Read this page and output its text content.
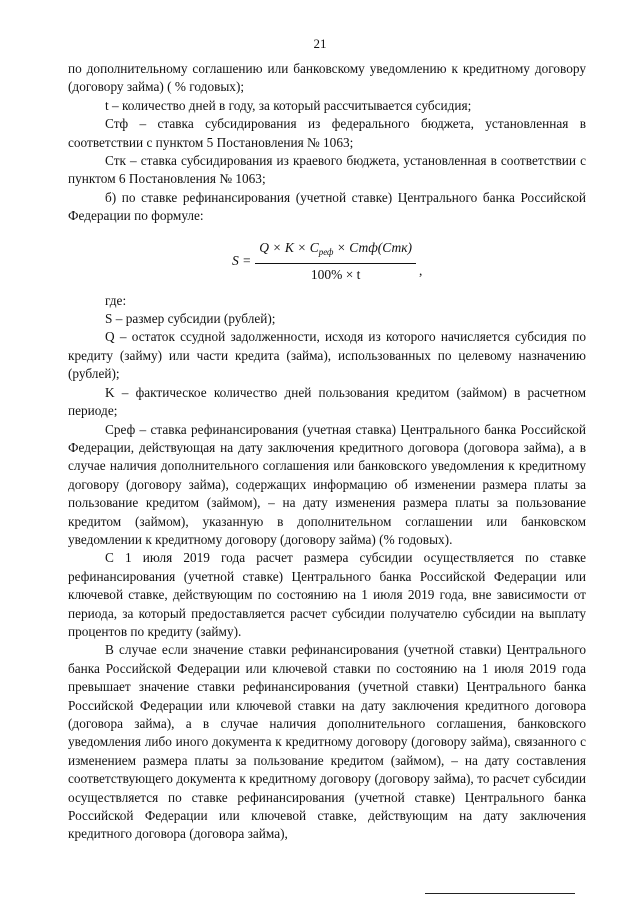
21

по дополнительному соглашению или банковскому уведомлению к кредитному договору (договору займа) ( % годовых);

t – количество дней в году, за который рассчитывается субсидия;

Стф – ставка субсидирования из федерального бюджета, установленная в соответствии с пунктом 5 Постановления № 1063;

Стк – ставка субсидирования из краевого бюджета, установленная в соответствии с пунктом 6 Постановления № 1063;

б) по ставке рефинансирования (учетной ставке) Центрального банка Российской Федерации по формуле:

$S = \frac{Q \times K \times C_{реф} \times Стф(Стк)}{100\% \times t}$ ,

где:

S – размер субсидии (рублей);

Q – остаток ссудной задолженности, исходя из которого начисляется субсидия по кредиту (займу) или части кредита (займа), использованных по целевому назначению (рублей);

K – фактическое количество дней пользования кредитом (займом) в расчетном периоде;

Среф – ставка рефинансирования (учетная ставка) Центрального банка Российской Федерации, действующая на дату заключения кредитного договора (договора займа), а в случае наличия дополнительного соглашения или банковского уведомления к кредитному договору (договору займа), содержащих информацию об изменении размера платы за пользование кредитом (займом), – на дату изменения размера платы за пользование кредитом (займом), указанную в дополнительном соглашении или банковском уведомлении к кредитному договору (договору займа) (% годовых).

С 1 июля 2019 года расчет размера субсидии осуществляется по ставке рефинансирования (учетной ставке) Центрального банка Российской Федерации или ключевой ставке, действующим по состоянию на 1 июля 2019 года, вне зависимости от периода, за который предоставляется расчет субсидии получателю субсидии на выплату процентов по кредиту (займу).

В случае если значение ставки рефинансирования (учетной ставки) Центрального банка Российской Федерации или ключевой ставки по состоянию на 1 июля 2019 года превышает значение ставки рефинансирования (учетной ставки) Центрального банка Российской Федерации или ключевой ставки на дату заключения кредитного договора (договора займа), а в случае наличия дополнительного соглашения, банковского уведомления либо иного документа к кредитному договору (договору займа), связанного с изменением размера платы за пользование кредитом (займом), – на дату составления соответствующего документа к кредитному договору (договору займа), то расчет субсидии осуществляется по ставке рефинансирования (учетной ставке) Центрального банка Российской Федерации или ключевой ставке, действующим на дату заключения кредитного договора (договора займа),
